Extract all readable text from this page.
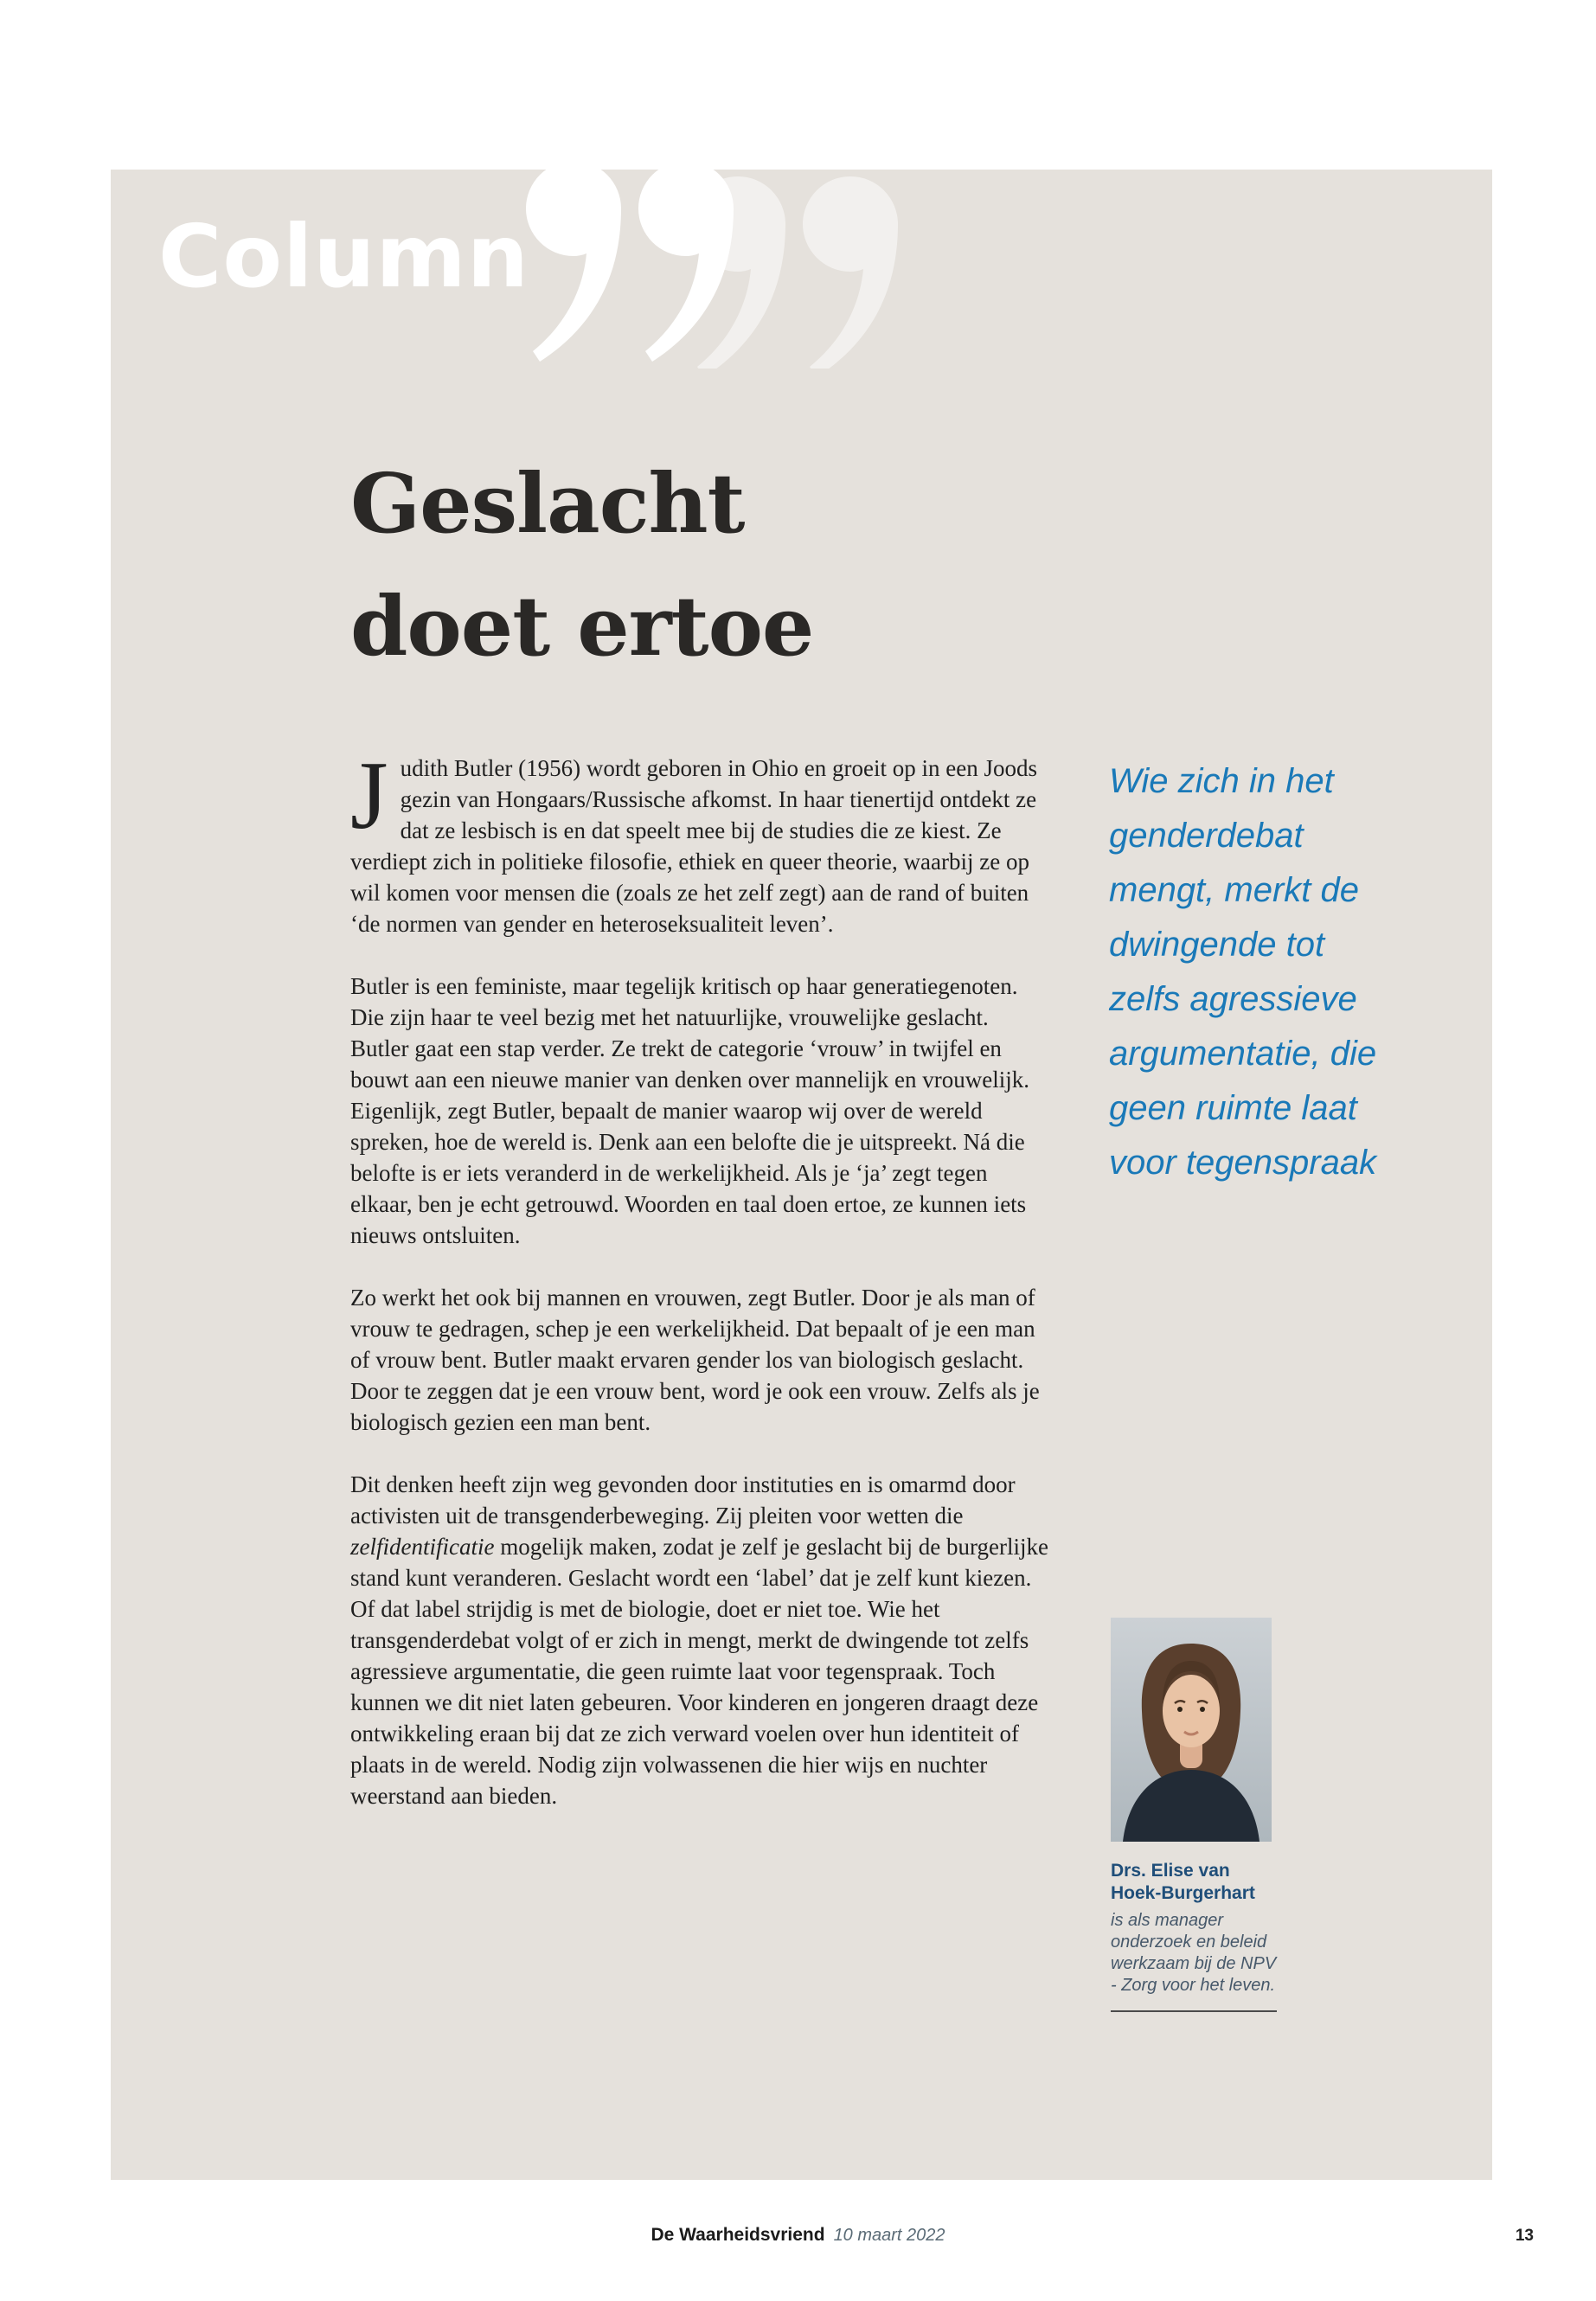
Column
Geslacht
doet ertoe

Judith Butler (1956) wordt geboren in Ohio en groeit op in een Joods gezin van Hongaars/Russische afkomst. In haar tienertijd ontdekt ze dat ze lesbisch is en dat speelt mee bij de studies die ze kiest. Ze verdiept zich in politieke filosofie, ethiek en queer theorie, waarbij ze op wil komen voor mensen die (zoals ze het zelf zegt) aan de rand of buiten ‘de normen van gender en heteroseksualiteit leven’.

Butler is een feministe, maar tegelijk kritisch op haar generatiegenoten. Die zijn haar te veel bezig met het natuurlijke, vrouwelijke geslacht. Butler gaat een stap verder. Ze trekt de categorie ‘vrouw’ in twijfel en bouwt aan een nieuwe manier van denken over mannelijk en vrouwelijk. Eigenlijk, zegt Butler, bepaalt de manier waarop wij over de wereld spreken, hoe de wereld is. Denk aan een belofte die je uitspreekt. Ná die belofte is er iets veranderd in de werkelijkheid. Als je ‘ja’ zegt tegen elkaar, ben je echt getrouwd. Woorden en taal doen ertoe, ze kunnen iets nieuws ontsluiten.

Zo werkt het ook bij mannen en vrouwen, zegt Butler. Door je als man of vrouw te gedragen, schep je een werkelijkheid. Dat bepaalt of je een man of vrouw bent. Butler maakt ervaren gender los van biologisch geslacht. Door te zeggen dat je een vrouw bent, word je ook een vrouw. Zelfs als je biologisch gezien een man bent.

Dit denken heeft zijn weg gevonden door instituties en is omarmd door activisten uit de transgenderbeweging. Zij pleiten voor wetten die zelfidentificatie mogelijk maken, zodat je zelf je geslacht bij de burgerlijke stand kunt veranderen. Geslacht wordt een ‘label’ dat je zelf kunt kiezen. Of dat label strijdig is met de biologie, doet er niet toe. Wie het transgenderdebat volgt of er zich in mengt, merkt de dwingende tot zelfs agressieve argumentatie, die geen ruimte laat voor tegenspraak. Toch kunnen we dit niet laten gebeuren. Voor kinderen en jongeren draagt deze ontwikkeling eraan bij dat ze zich verward voelen over hun identiteit of plaats in de wereld. Nodig zijn volwassenen die hier wijs en nuchter weerstand aan bieden.

Wie zich in het genderdebat mengt, merkt de dwingende tot zelfs agressieve argumentatie, die geen ruimte laat voor tegenspraak
Drs. Elise van Hoek-Burgerhart
is als manager onderzoek en beleid werkzaam bij de NPV - Zorg voor het leven.
De Waarheidsvriend 10 maart 2022	13
